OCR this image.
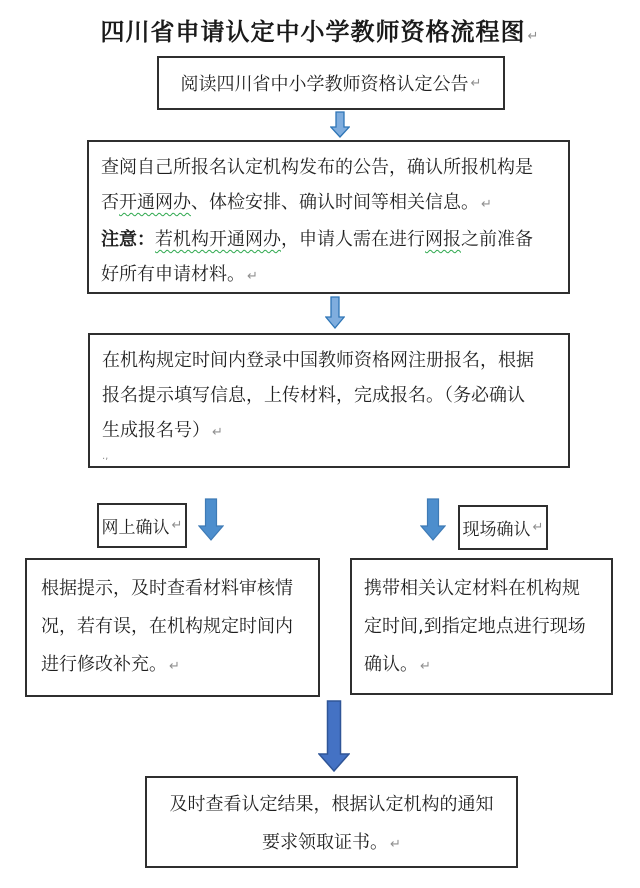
四川省申请认定中小学教师资格流程图 ↵
阅读四川省中小学教师资格认定公告 ↵
查阅自己所报名认定机构发布的公告，确认所报机构是
否开通网办、体检安排、确认时间等相关信息。 ↵
注意：若机构开通网办，申请人需在进行网报之前准备
好所有申请材料。 ↵
在机构规定时间内登录中国教师资格网注册报名，根据
报名提示填写信息，上传材料，完成报名。（务必确认
生成报名号） ↵
.,
网上确认 ↵	现场确认 ↵
根据提示，及时查看材料审核情
况，若有误，在机构规定时间内
进行修改补充。 ↵
携带相关认定材料在机构规
定时间,到指定地点进行现场
确认。 ↵
及时查看认定结果，根据认定机构的通知
要求领取证书。 ↵
